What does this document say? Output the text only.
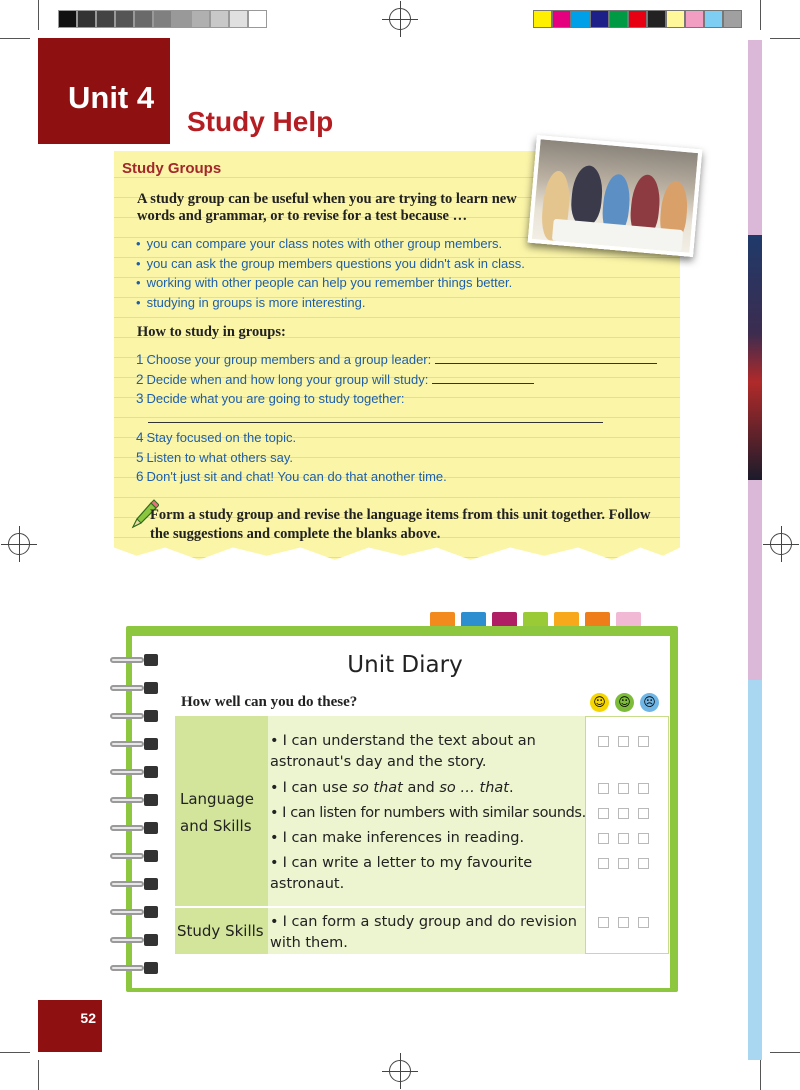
Unit 4
Study Help
Study Groups
A study group can be useful when you are trying to learn new words and grammar, or to revise for a test because …
• you can compare your class notes with other group members.
• you can ask the group members questions you didn't ask in class.
• working with other people can help you remember things better.
• studying in groups is more interesting.
How to study in groups:
1 Choose your group members and a group leader:
2 Decide when and how long your group will study:
3 Decide what you are going to study together:
4 Stay focused on the topic.
5 Listen to what others say.
6 Don't just sit and chat! You can do that another time.
Form a study group and revise the language items from this unit together. Follow the suggestions and complete the blanks above.
Unit Diary
How well can you do these?	☺ ☺ ☹
Language and Skills
Study Skills
• I can understand the text about an astronaut's day and the story.
• I can use so that and so … that.
• I can listen for numbers with similar sounds.
• I can make inferences in reading.
• I can write a letter to my favourite astronaut.
• I can form a study group and do revision with them.
52
